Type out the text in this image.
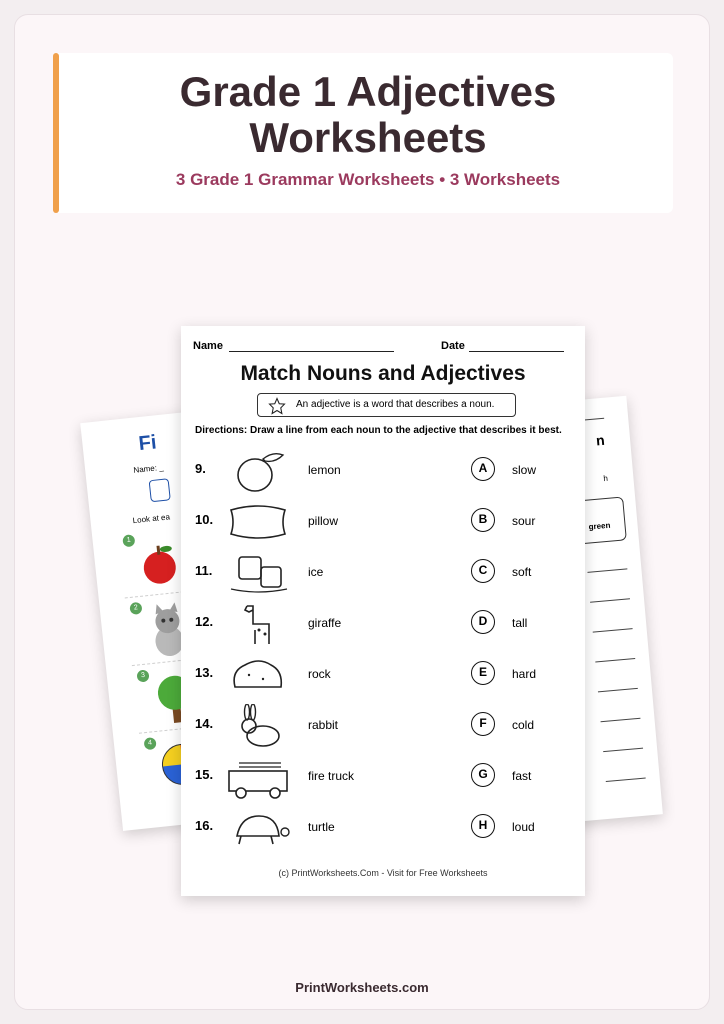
Grade 1 Adjectives Worksheets
3 Grade 1 Grammar Worksheets • 3 Worksheets
Fi
Name: _
Look at ea
1
2
3
4
n
h
green
Name	Date
Match Nouns and Adjectives
An adjective is a word that describes a noun.
Directions: Draw a line from each noun to the adjective that describes it best.
9.	lemon	A	slow
10.	pillow	B	sour
11.	ice	C	soft
12.	giraffe	D	tall
13.	rock	E	hard
14.	rabbit	F	cold
15.	fire truck	G	fast
16.	turtle	H	loud
(c) PrintWorksheets.Com - Visit for Free Worksheets
PrintWorksheets.com
